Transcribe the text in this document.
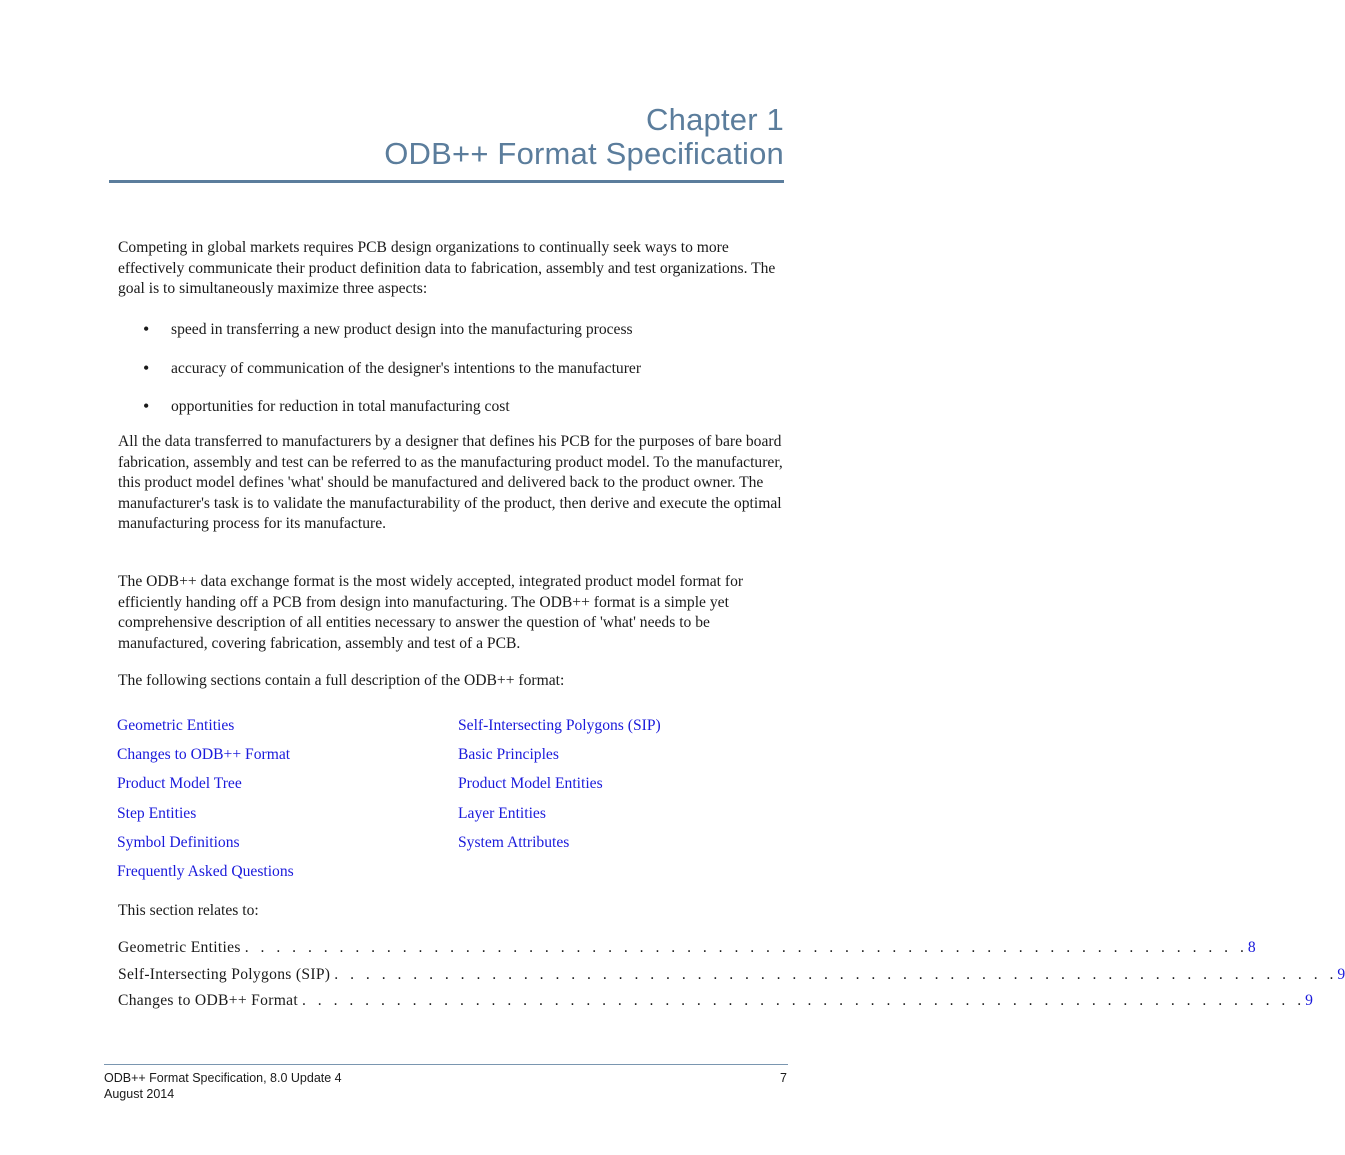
Chapter 1
ODB++ Format Specification
Competing in global markets requires PCB design organizations to continually seek ways to more effectively communicate their product definition data to fabrication, assembly and test organizations. The goal is to simultaneously maximize three aspects:
• speed in transferring a new product design into the manufacturing process
• accuracy of communication of the designer's intentions to the manufacturer
• opportunities for reduction in total manufacturing cost
All the data transferred to manufacturers by a designer that defines his PCB for the purposes of bare board fabrication, assembly and test can be referred to as the manufacturing product model. To the manufacturer, this product model defines 'what' should be manufactured and delivered back to the product owner. The manufacturer's task is to validate the manufacturability of the product, then derive and execute the optimal manufacturing process for its manufacture.
The ODB++ data exchange format is the most widely accepted, integrated product model format for efficiently handing off a PCB from design into manufacturing. The ODB++ format is a simple yet comprehensive description of all entities necessary to answer the question of 'what' needs to be manufactured, covering fabrication, assembly and test of a PCB.
The following sections contain a full description of the ODB++ format:
Geometric Entities
Changes to ODB++ Format
Product Model Tree
Step Entities
Symbol Definitions
Frequently Asked Questions
Self-Intersecting Polygons (SIP)
Basic Principles
Product Model Entities
Layer Entities
System Attributes
This section relates to:
Geometric Entities . . . . . . . . . . . . . . . . . . . . . . . . . . . . . . . . . . . . . . . . . . . . . . . . . . . . . . . . . . . . . . . . 8
Self-Intersecting Polygons (SIP) . . . . . . . . . . . . . . . . . . . . . . . . . . . . . . . . . . . . . . . . . . . . . . . . . . . . . . . . . . . . . . . . 9
Changes to ODB++ Format . . . . . . . . . . . . . . . . . . . . . . . . . . . . . . . . . . . . . . . . . . . . . . . . . . . . . . . . . . . . . . . . 9
ODB++ Format Specification, 8.0 Update 4
August 2014
7
